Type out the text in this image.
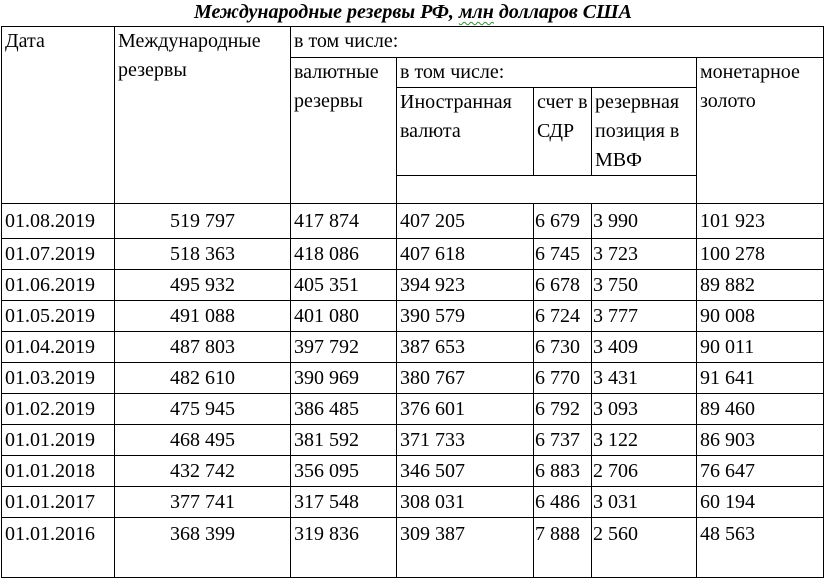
Международные резервы РФ, млн долларов США
Дата	Международные резервы	в том числе:				
		валютные резервы	в том числе:			монетарное золото
			Иностранная валюта	счет в СДР	резервная позиция в МВФ	

01.08.2019	519 797	417 874	407 205	6 679	3 990	101 923
01.07.2019	518 363	418 086	407 618	6 745	3 723	100 278
01.06.2019	495 932	405 351	394 923	6 678	3 750	89 882
01.05.2019	491 088	401 080	390 579	6 724	3 777	90 008
01.04.2019	487 803	397 792	387 653	6 730	3 409	90 011
01.03.2019	482 610	390 969	380 767	6 770	3 431	91 641
01.02.2019	475 945	386 485	376 601	6 792	3 093	89 460
01.01.2019	468 495	381 592	371 733	6 737	3 122	86 903
01.01.2018	432 742	356 095	346 507	6 883	2 706	76 647
01.01.2017	377 741	317 548	308 031	6 486	3 031	60 194
01.01.2016	368 399	319 836	309 387	7 888	2 560	48 563
